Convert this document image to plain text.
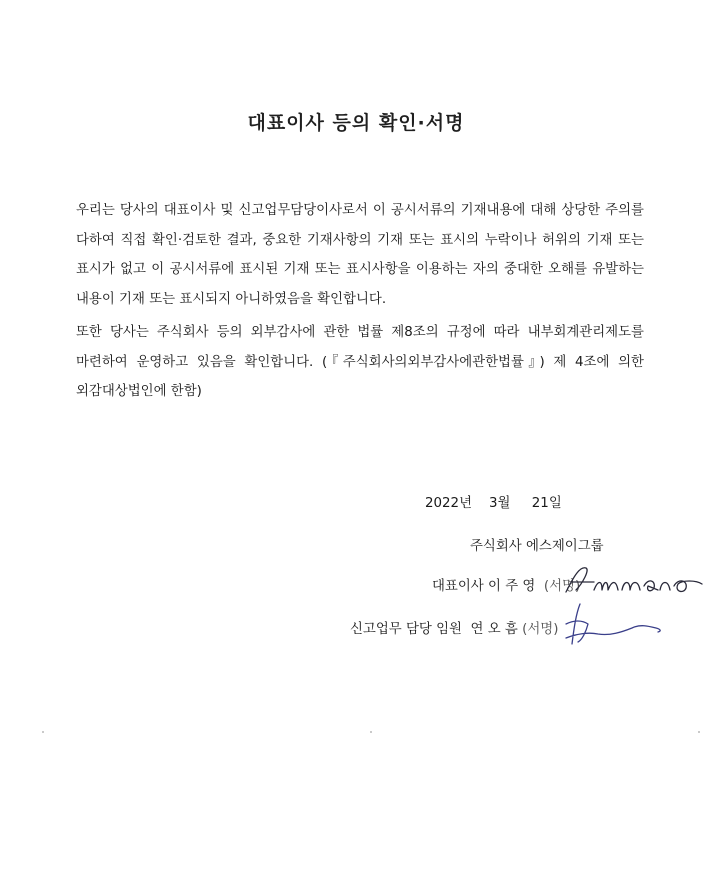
대표이사 등의 확인·서명

우리는 당사의 대표이사 및 신고업무담당이사로서 이 공시서류의 기재내용에 대해 상당한 주의를 다하여 직접 확인·검토한 결과, 중요한 기재사항의 기재 또는 표시의 누락이나 허위의 기재 또는 표시가 없고 이 공시서류에 표시된 기재 또는 표시사항을 이용하는 자의 중대한 오해를 유발하는 내용이 기재 또는 표시되지 아니하였음을 확인합니다.

또한 당사는 주식회사 등의 외부감사에 관한 법률 제8조의 규정에 따라 내부회계관리제도를 마련하여 운영하고 있음을 확인합니다. (『주식회사의외부감사에관한법률』) 제 4조에 의한 외감대상법인에 한함)

2022년    3월     21일
주식회사 에스제이그룹
대표이사 이 주 영 (서명)
신고업무 담당 임원 연 오 흠 (서명)
